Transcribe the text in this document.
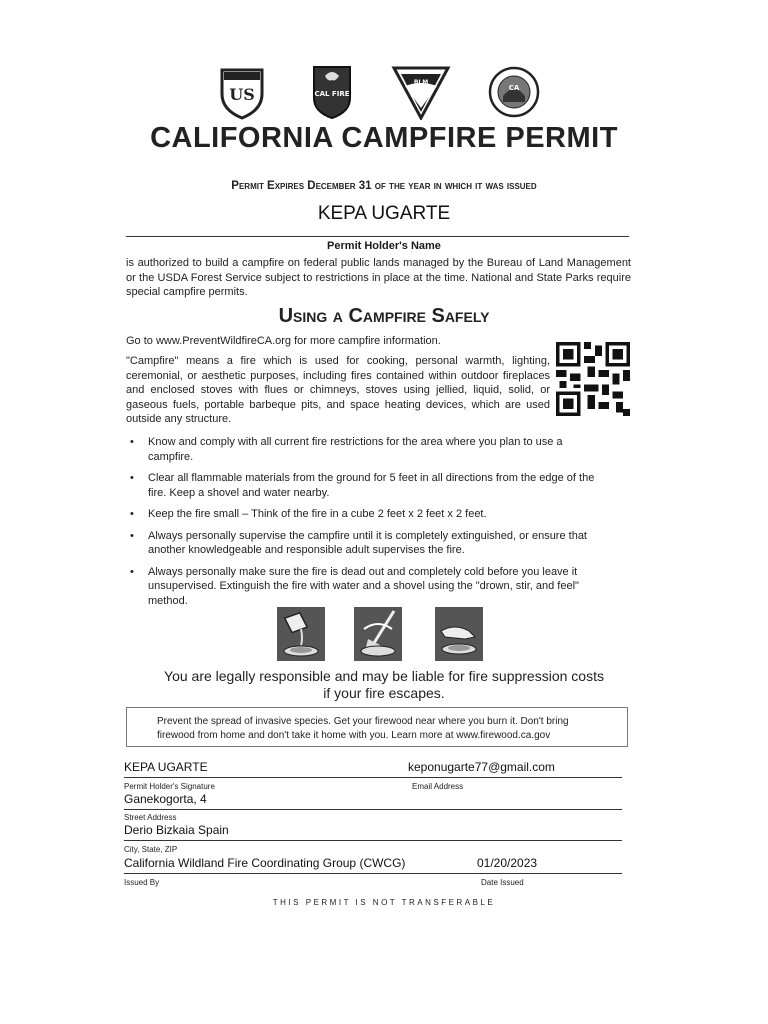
US	CAL FIRE
BLM
CA
CALIFORNIA CAMPFIRE PERMIT
Permit Expires December 31 of the year in which it was issued
KEPA UGARTE
Permit Holder's Name
is authorized to build a campfire on federal public lands managed by the Bureau of Land Management or the USDA Forest Service subject to restrictions in place at the time. National and State Parks require special campfire permits.
Using a Campfire Safely
Go to www.PreventWildfireCA.org for more campfire information.
"Campfire" means a fire which is used for cooking, personal warmth, lighting, ceremonial, or aesthetic purposes, including fires contained within outdoor fireplaces and enclosed stoves with flues or chimneys, stoves using jellied, liquid, solid, or gaseous fuels, portable barbeque pits, and space heating devices, which are used outside any structure.
• Know and comply with all current fire restrictions for the area where you plan to use a campfire.
• Clear all flammable materials from the ground for 5 feet in all directions from the edge of the fire. Keep a shovel and water nearby.
• Keep the fire small – Think of the fire in a cube 2 feet x 2 feet x 2 feet.
• Always personally supervise the campfire until it is completely extinguished, or ensure that another knowledgeable and responsible adult supervises the fire.
• Always personally make sure the fire is dead out and completely cold before you leave it unsupervised. Extinguish the fire with water and a shovel using the "drown, stir, and feel" method.
You are legally responsible and may be liable for fire suppression costs
if your fire escapes.
Prevent the spread of invasive species. Get your firewood near where you burn it. Don't bring firewood from home and don't take it home with you. Learn more at www.firewood.ca.gov
KEPA UGARTE	keponugarte77@gmail.com
Permit Holder's Signature	Email Address
Ganekogorta, 4
Street Address
Derio Bizkaia Spain
City, State, ZIP
California Wildland Fire Coordinating Group (CWCG)	01/20/2023
Issued By	Date Issued
THIS PERMIT IS NOT TRANSFERABLE
